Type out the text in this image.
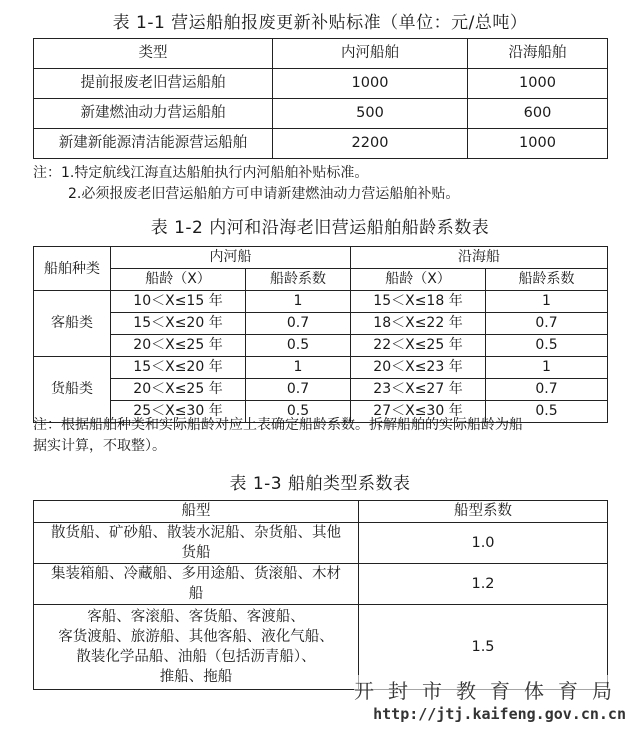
表 1-1 营运船舶报废更新补贴标准（单位：元/总吨）
类型	内河船舶	沿海船舶
提前报废老旧营运船舶	1000	1000
新建燃油动力营运船舶	500	600
新建新能源清洁能源营运船舶	2200	1000
注：1.特定航线江海直达船舶执行内河船舶补贴标准。
2.必须报废老旧营运船舶方可申请新建燃油动力营运船舶补贴。
表 1-2 内河和沿海老旧营运船舶船龄系数表
船舶种类	内河船		沿海船	
	船龄（X）	船龄系数	船龄（X）	船龄系数
客船类	10＜X≤15 年	1	15＜X≤18 年	1
	15＜X≤20 年	0.7	18＜X≤22 年	0.7
	20＜X≤25 年	0.5	22＜X≤25 年	0.5
货船类	15＜X≤20 年	1	20＜X≤23 年	1
	20＜X≤25 年	0.7	23＜X≤27 年	0.7
	25＜X≤30 年	0.5	27＜X≤30 年	0.5
注：根据船舶种类和实际船龄对应上表确定船龄系数。拆解船舶的实际船龄为船
据实计算，不取整）。
表 1-3 船舶类型系数表
船型	船型系数

散货船、矿砂船、散装水泥船、杂货船、其他
货船	1.0

集装箱船、冷藏船、多用途船、货滚船、木材
船	1.2

客船、客滚船、客货船、客渡船、
客货渡船、旅游船、其他客船、液化气船、
散装化学品船、油船（包括沥青船）、
推船、拖船	1.5
开封市教育体育局
http://jtj.kaifeng.gov.cn.cn
